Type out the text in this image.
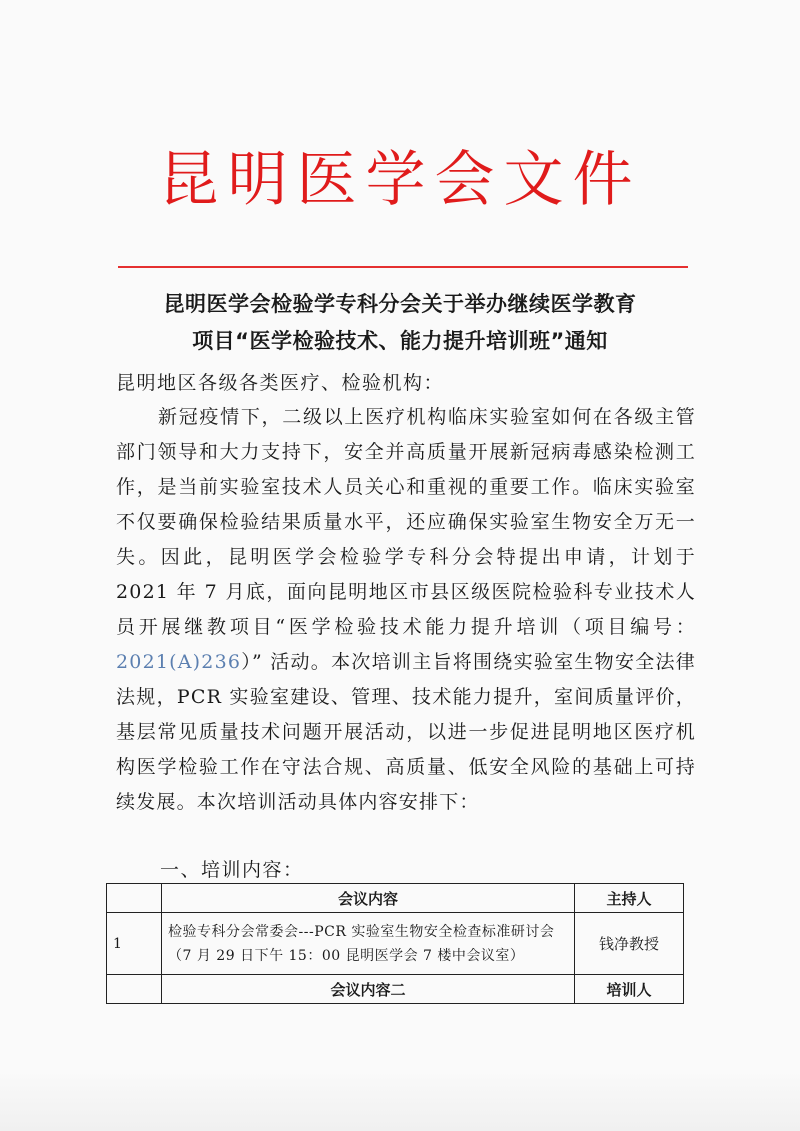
昆明医学会文件
昆明医学会检验学专科分会关于举办继续医学教育
项目“医学检验技术、能力提升培训班”通知
昆明地区各级各类医疗、检验机构：

新冠疫情下，二级以上医疗机构临床实验室如何在各级主管部门领导和大力支持下，安全并高质量开展新冠病毒感染检测工作，是当前实验室技术人员关心和重视的重要工作。临床实验室不仅要确保检验结果质量水平，还应确保实验室生物安全万无一失。因此，昆明医学会检验学专科分会特提出申请，计划于 2021 年 7 月底，面向昆明地区市县区级医院检验科专业技术人员开展继教项目“医学检验技术能力提升培训（项目编号：2021(A)236）” 活动。本次培训主旨将围绕实验室生物安全法律法规，PCR 实验室建设、管理、技术能力提升，室间质量评价，基层常见质量技术问题开展活动，以进一步促进昆明地区医疗机构医学检验工作在守法合规、高质量、低安全风险的基础上可持续发展。本次培训活动具体内容安排下：

一、培训内容：
	会议内容	主持人
1	检验专科分会常委会---PCR 实验室生物安全检查标准研讨会（7 月 29 日下午 15：00 昆明医学会 7 楼中会议室）	钱净教授
	会议内容二	培训人
